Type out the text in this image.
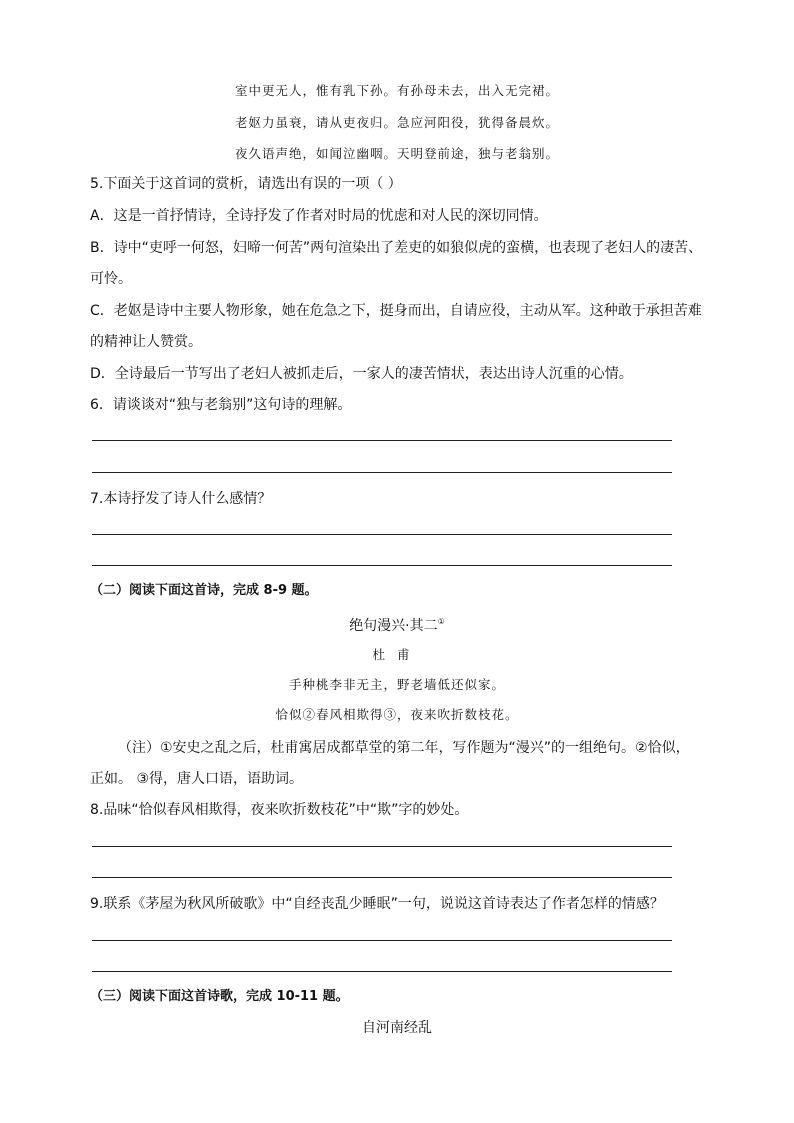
室中更无人，惟有乳下孙。有孙母未去，出入无完裙。
老妪力虽衰，请从吏夜归。急应河阳役，犹得备晨炊。
夜久语声绝，如闻泣幽咽。天明登前途，独与老翁别。
5.下面关于这首词的赏析，请选出有误的一项（ ）
A．这是一首抒情诗，全诗抒发了作者对时局的忧虑和对人民的深切同情。
B．诗中“吏呼一何怒，妇啼一何苦”两句渲染出了差吏的如狼似虎的蛮横，也表现了老妇人的凄苦、
可怜。
C．老妪是诗中主要人物形象，她在危急之下，挺身而出，自请应役，主动从军。这种敢于承担苦难
的精神让人赞赏。
D．全诗最后一节写出了老妇人被抓走后，一家人的凄苦情状，表达出诗人沉重的心情。
6．请谈谈对“独与老翁别”这句诗的理解。
7.本诗抒发了诗人什么感情？
（二）阅读下面这首诗，完成 8-9 题。
绝句漫兴·其二①
杜甫
手种桃李非无主，野老墙低还似家。
恰似②春风相欺得③，夜来吹折数枝花。
（注）①安史之乱之后，杜甫寓居成都草堂的第二年，写作题为“漫兴”的一组绝句。②恰似，
正如。 ③得，唐人口语，语助词。
8.品味“恰似春风相欺得，夜来吹折数枝花”中“欺”字的妙处。
9.联系《茅屋为秋风所破歌》中“自经丧乱少睡眠”一句，说说这首诗表达了作者怎样的情感？
（三）阅读下面这首诗歌，完成 10-11 题。
自河南经乱
